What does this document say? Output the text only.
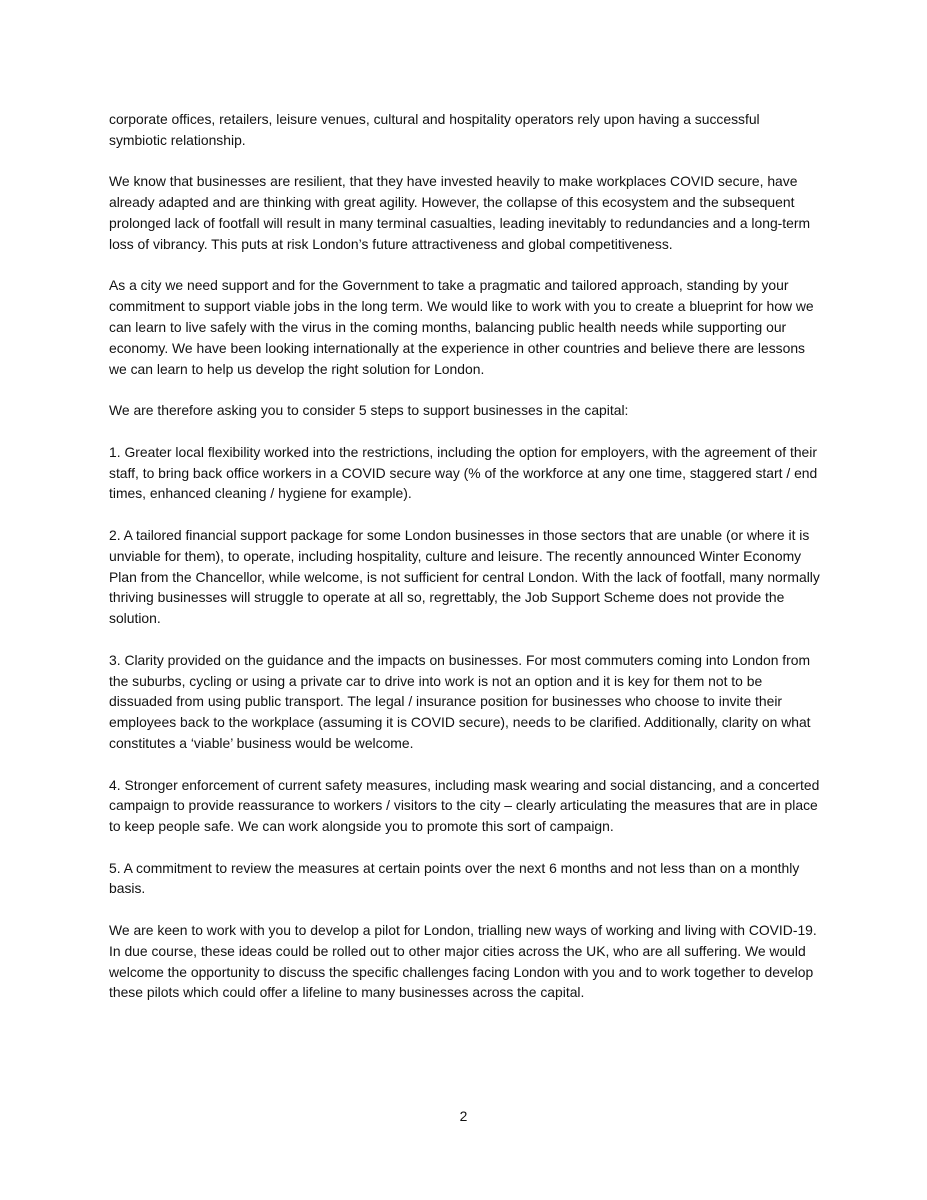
corporate offices, retailers, leisure venues, cultural and hospitality operators rely upon having a successful symbiotic relationship.

We know that businesses are resilient, that they have invested heavily to make workplaces COVID secure, have already adapted and are thinking with great agility. However, the collapse of this ecosystem and the subsequent prolonged lack of footfall will result in many terminal casualties, leading inevitably to redundancies and a long-term loss of vibrancy. This puts at risk London’s future attractiveness and global competitiveness.

As a city we need support and for the Government to take a pragmatic and tailored approach, standing by your commitment to support viable jobs in the long term. We would like to work with you to create a blueprint for how we can learn to live safely with the virus in the coming months, balancing public health needs while supporting our economy. We have been looking internationally at the experience in other countries and believe there are lessons we can learn to help us develop the right solution for London.

We are therefore asking you to consider 5 steps to support businesses in the capital:

1. Greater local flexibility worked into the restrictions, including the option for employers, with the agreement of their staff, to bring back office workers in a COVID secure way (% of the workforce at any one time, staggered start / end times, enhanced cleaning / hygiene for example).

2. A tailored financial support package for some London businesses in those sectors that are unable (or where it is unviable for them), to operate, including hospitality, culture and leisure. The recently announced Winter Economy Plan from the Chancellor, while welcome, is not sufficient for central London. With the lack of footfall, many normally thriving businesses will struggle to operate at all so, regrettably, the Job Support Scheme does not provide the solution.

3. Clarity provided on the guidance and the impacts on businesses. For most commuters coming into London from the suburbs, cycling or using a private car to drive into work is not an option and it is key for them not to be dissuaded from using public transport. The legal / insurance position for businesses who choose to invite their employees back to the workplace (assuming it is COVID secure), needs to be clarified. Additionally, clarity on what constitutes a ‘viable’ business would be welcome.

4. Stronger enforcement of current safety measures, including mask wearing and social distancing, and a concerted campaign to provide reassurance to workers / visitors to the city – clearly articulating the measures that are in place to keep people safe. We can work alongside you to promote this sort of campaign.

5. A commitment to review the measures at certain points over the next 6 months and not less than on a monthly basis.

We are keen to work with you to develop a pilot for London, trialling new ways of working and living with COVID-19. In due course, these ideas could be rolled out to other major cities across the UK, who are all suffering. We would welcome the opportunity to discuss the specific challenges facing London with you and to work together to develop these pilots which could offer a lifeline to many businesses across the capital.

2
